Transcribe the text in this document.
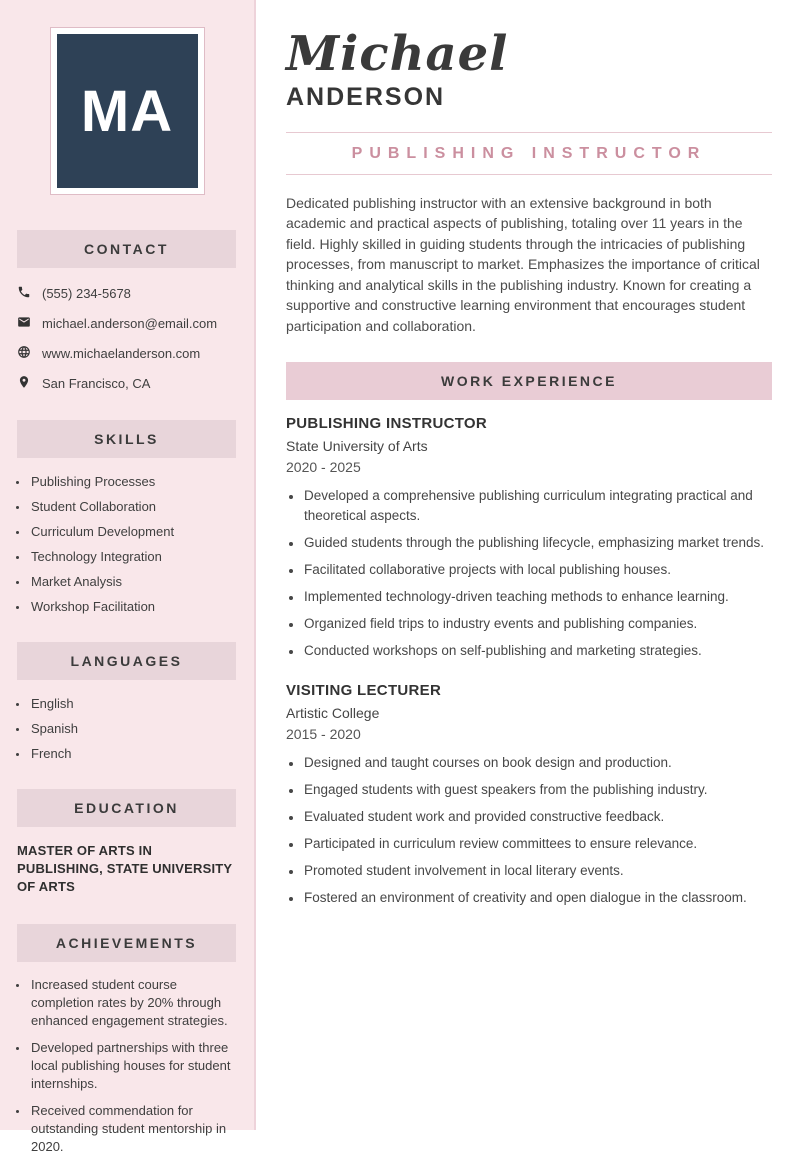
MA
CONTACT
(555) 234-5678
michael.anderson@email.com
www.michaelanderson.com
San Francisco, CA
SKILLS
• Publishing Processes
• Student Collaboration
• Curriculum Development
• Technology Integration
• Market Analysis
• Workshop Facilitation
LANGUAGES
• English
• Spanish
• French
EDUCATION
MASTER OF ARTS IN PUBLISHING, STATE UNIVERSITY OF ARTS
ACHIEVEMENTS
• Increased student course completion rates by 20% through enhanced engagement strategies.
• Developed partnerships with three local publishing houses for student internships.
• Received commendation for outstanding student mentorship in 2020.
Michael
ANDERSON
PUBLISHING INSTRUCTOR

Dedicated publishing instructor with an extensive background in both academic and practical aspects of publishing, totaling over 11 years in the field. Highly skilled in guiding students through the intricacies of publishing processes, from manuscript to market. Emphasizes the importance of critical thinking and analytical skills in the publishing industry. Known for creating a supportive and constructive learning environment that encourages student participation and collaboration.

WORK EXPERIENCE
PUBLISHING INSTRUCTOR
State University of Arts
2020 - 2025
• Developed a comprehensive publishing curriculum integrating practical and theoretical aspects.
• Guided students through the publishing lifecycle, emphasizing market trends.
• Facilitated collaborative projects with local publishing houses.
• Implemented technology-driven teaching methods to enhance learning.
• Organized field trips to industry events and publishing companies.
• Conducted workshops on self-publishing and marketing strategies.
VISITING LECTURER
Artistic College
2015 - 2020
• Designed and taught courses on book design and production.
• Engaged students with guest speakers from the publishing industry.
• Evaluated student work and provided constructive feedback.
• Participated in curriculum review committees to ensure relevance.
• Promoted student involvement in local literary events.
• Fostered an environment of creativity and open dialogue in the classroom.
